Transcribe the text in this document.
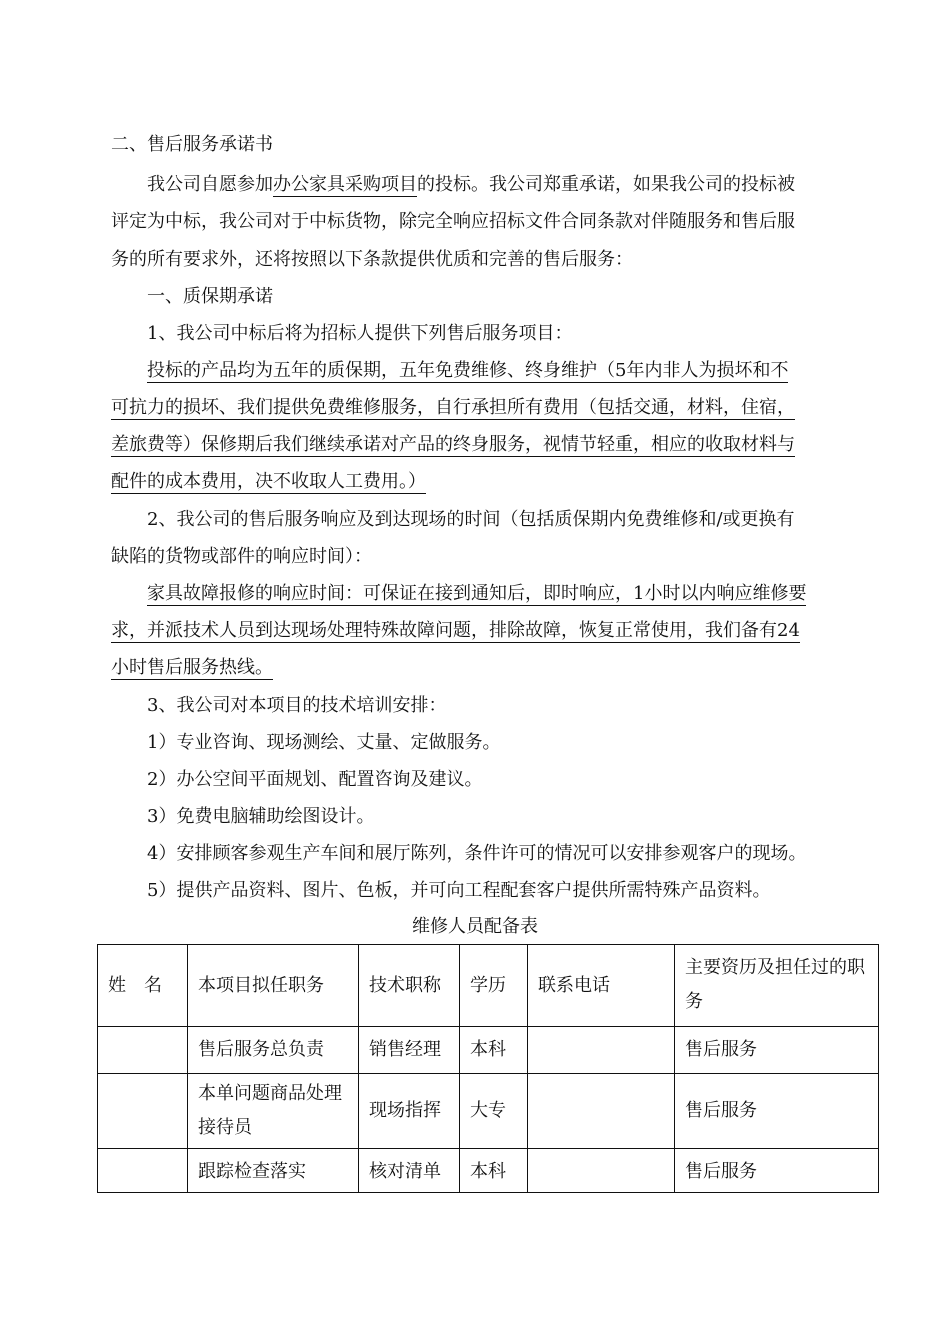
二、售后服务承诺书
我公司自愿参加办公家具采购项目的投标。我公司郑重承诺，如果我公司的投标被
评定为中标，我公司对于中标货物，除完全响应招标文件合同条款对伴随服务和售后服
务的所有要求外，还将按照以下条款提供优质和完善的售后服务：
一、质保期承诺
1、我公司中标后将为招标人提供下列售后服务项目：
投标的产品均为五年的质保期，五年免费维修、终身维护（5年内非人为损坏和不
可抗力的损坏、我们提供免费维修服务，自行承担所有费用（包括交通，材料，住宿，
差旅费等）保修期后我们继续承诺对产品的终身服务，视情节轻重，相应的收取材料与
配件的成本费用，决不收取人工费用。）
2、我公司的售后服务响应及到达现场的时间（包括质保期内免费维修和/或更换有
缺陷的货物或部件的响应时间）：
家具故障报修的响应时间：可保证在接到通知后，即时响应，1小时以内响应维修要
求，并派技术人员到达现场处理特殊故障问题，排除故障，恢复正常使用，我们备有24
小时售后服务热线。
3、我公司对本项目的技术培训安排：
1）专业咨询、现场测绘、丈量、定做服务。
2）办公空间平面规划、配置咨询及建议。
3）免费电脑辅助绘图设计。
4）安排顾客参观生产车间和展厅陈列，条件许可的情况可以安排参观客户的现场。
5）提供产品资料、图片、色板，并可向工程配套客户提供所需特殊产品资料。
维修人员配备表
姓　名	本项目拟任职务	技术职称	学历	联系电话	主要资历及担任过的职务
	售后服务总负责	销售经理	本科		售后服务
	本单问题商品处理接待员	现场指挥	大专		售后服务
	跟踪检查落实	核对清单	本科		售后服务
